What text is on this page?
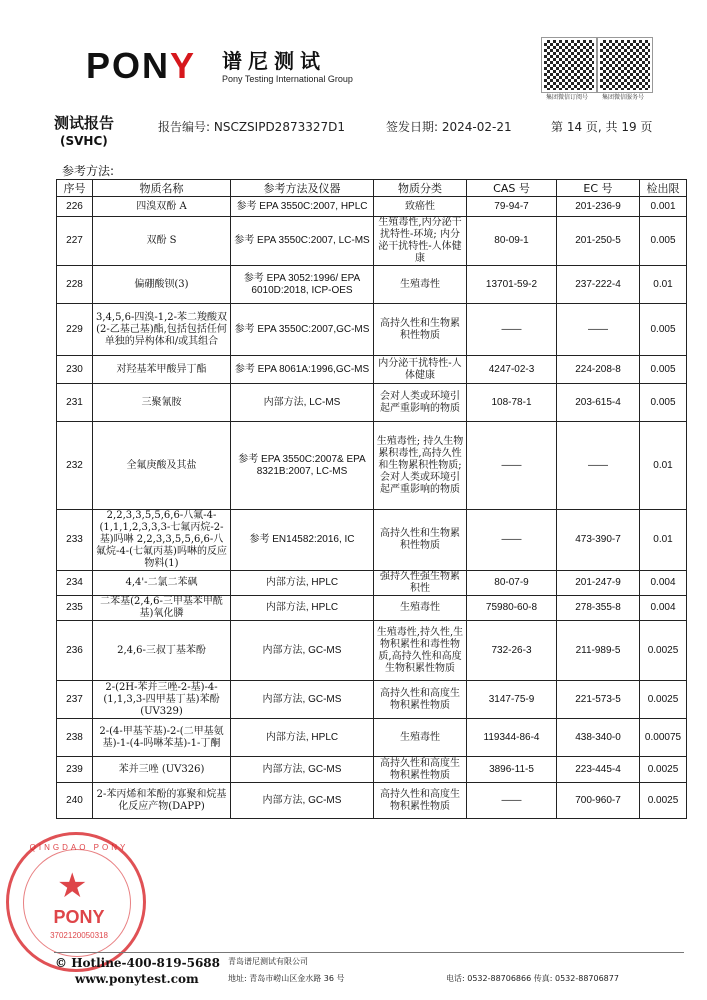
PONY 谱尼测试
Pony Testing International Group
集团微信订阅号	集团微信服务号
测试报告
(SVHC)
报告编号: NSCZSIPD2873327D1	签发日期: 2024-02-21	第 14 页, 共 19 页
参考方法:
序号	物质名称	参考方法及仪器	物质分类	CAS 号	EC 号	检出限
226	四溴双酚 A	参考 EPA 3550C:2007, HPLC	致癌性	79-94-7	201-236-9	0.001
227	双酚 S	参考 EPA 3550C:2007, LC-MS	生殖毒性,内分泌干扰特性-环境; 内分泌干扰特性-人体健康	80-09-1	201-250-5	0.005
228	偏硼酸钡(3)	参考 EPA 3052:1996/ EPA 6010D:2018, ICP-OES	生殖毒性	13701-59-2	237-222-4	0.01
229	3,4,5,6-四溴-1,2-苯二羧酸双(2-乙基己基)酯,包括包括任何单独的异构体和/或其组合	参考 EPA 3550C:2007,GC-MS	高持久性和生物累积性物质	——	——	0.005
230	对羟基苯甲酸异丁酯	参考 EPA 8061A:1996,GC-MS	内分泌干扰特性-人体健康	4247-02-3	224-208-8	0.005
231	三聚氰胺	内部方法, LC-MS	会对人类或环境引起严重影响的物质	108-78-1	203-615-4	0.005
232	全氟庚酸及其盐	参考 EPA 3550C:2007& EPA 8321B:2007, LC-MS	生殖毒性; 持久生物累积毒性,高持久性和生物累积性物质; 会对人类或环境引起严重影响的物质	——	——	0.01
233	2,2,3,3,5,5,6,6-八氟-4-(1,1,1,2,3,3,3-七氟丙烷-2-基)吗啉 2,2,3,3,5,5,6,6-八氟烷-4-(七氟丙基)吗啉的反应物料(1)	参考 EN14582:2016, IC	高持久性和生物累积性物质	——	473-390-7	0.01
234	4,4'-二氯二苯砜	内部方法, HPLC	强持久性强生物累积性	80-07-9	201-247-9	0.004
235	二苯基(2,4,6-三甲基苯甲酰基)氧化膦	内部方法, HPLC	生殖毒性	75980-60-8	278-355-8	0.004
236	2,4,6-三叔丁基苯酚	内部方法, GC-MS	生殖毒性,持久性,生物积累性和毒性物质,高持久性和高度生物积累性物质	732-26-3	211-989-5	0.0025
237	2-(2H-苯并三唑-2-基)-4-(1,1,3,3-四甲基丁基)苯酚(UV329)	内部方法, GC-MS	高持久性和高度生物积累性物质	3147-75-9	221-573-5	0.0025
238	2-(4-甲基苄基)-2-(二甲基氨基)-1-(4-吗啉苯基)-1-丁酮	内部方法, HPLC	生殖毒性	119344-86-4	438-340-0	0.00075
239	苯并三唑 (UV326)	内部方法, GC-MS	高持久性和高度生物积累性物质	3896-11-5	223-445-4	0.0025
240	2-苯丙烯和苯酚的寡聚和烷基化反应产物(DAPP)	内部方法, GC-MS	高持久性和高度生物积累性物质	——	700-960-7	0.0025
QINGDAO PONY
★
PONY
3702120050318
© Hotline-400-819-5688
www.ponytest.com
青岛谱尼测试有限公司
地址: 青岛市崂山区金水路 36 号	电话: 0532-88706866 传真: 0532-88706877
